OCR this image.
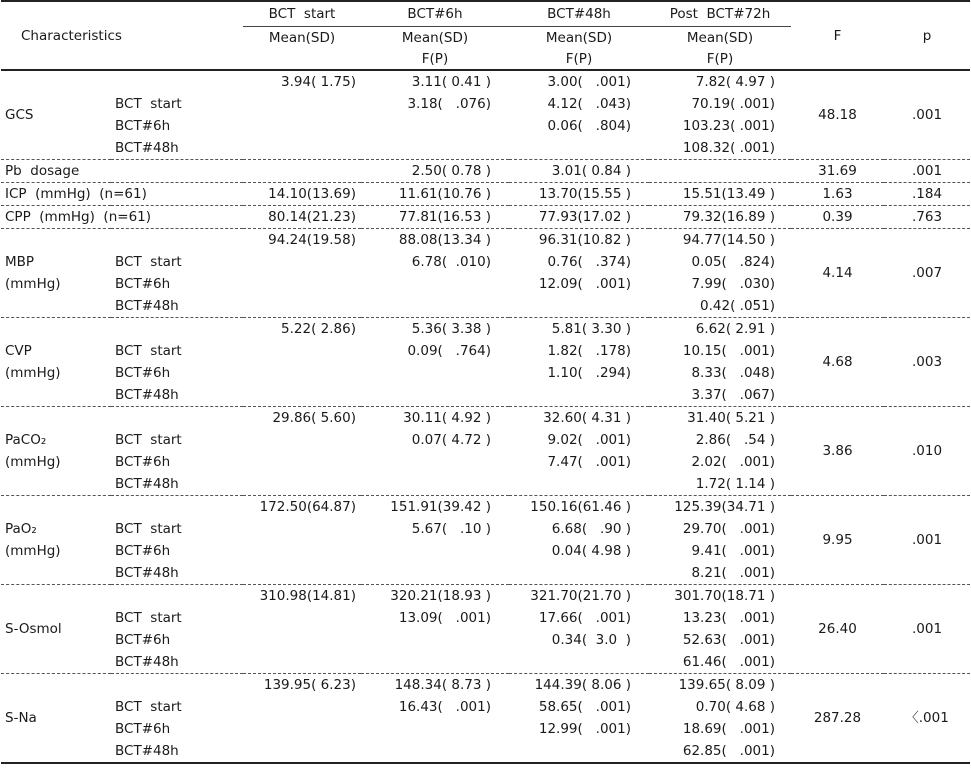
Characteristics		BCT  start	BCT#6h	BCT#48h	Post  BCT#72h	F	p
		Mean(SD)	Mean(SD)	Mean(SD)	Mean(SD)		
			F(P)	F(P)	F(P)		

GCS		3.94( 1.75)	3.11( 0.41 )	3.00(   .001)	7.82( 4.97 )	48.18	.001
	BCT  start		3.18(   .076)	4.12(   .043)	70.19( .001)		
	BCT#6h			0.06(   .804)	103.23( .001)		
	BCT#48h				108.32( .001)		
Pb  dosage			2.50( 0.78 )	3.01( 0.84 )		31.69	.001
ICP  (mmHg)  (n=61)		14.10(13.69)	11.61(10.76 )	13.70(15.55 )	15.51(13.49 )	1.63	.184
CPP  (mmHg)  (n=61)		80.14(21.23)	77.81(16.53 )	77.93(17.02 )	79.32(16.89 )	0.39	.763

MBP
(mmHg)		94.24(19.58)	88.08(13.34 )	96.31(10.82 )	94.77(14.50 )	4.14	.007
	BCT  start		6.78(  .010)	0.76(   .374)	0.05(   .824)		
	BCT#6h			12.09(   .001)	7.99(   .030)		
	BCT#48h				0.42( .051)		

CVP
(mmHg)		5.22( 2.86)	5.36( 3.38 )	5.81( 3.30 )	6.62( 2.91 )	4.68	.003
	BCT  start		0.09(   .764)	1.82(   .178)	10.15(   .001)		
	BCT#6h			1.10(   .294)	8.33(   .048)		
	BCT#48h				3.37(   .067)		

PaCO₂
(mmHg)		29.86( 5.60)	30.11( 4.92 )	32.60( 4.31 )	31.40( 5.21 )	3.86	.010
	BCT  start		0.07( 4.72 )	9.02(   .001)	2.86(   .54 )		
	BCT#6h			7.47(   .001)	2.02(   .001)		
	BCT#48h				1.72( 1.14 )		

PaO₂
(mmHg)		172.50(64.87)	151.91(39.42 )	150.16(61.46 )	125.39(34.71 )	9.95	.001
	BCT  start		5.67(   .10 )	6.68(   .90 )	29.70(   .001)		
	BCT#6h			0.04( 4.98 )	9.41(   .001)		
	BCT#48h				8.21(   .001)		

S-Osmol		310.98(14.81)	320.21(18.93 )	321.70(21.70 )	301.70(18.71 )	26.40	.001
	BCT  start		13.09(   .001)	17.66(   .001)	13.23(   .001)		
	BCT#6h			0.34(  3.0  )	52.63(   .001)		
	BCT#48h				61.46(   .001)		

S-Na		139.95( 6.23)	148.34( 8.73 )	144.39( 8.06 )	139.65( 8.09 )	287.28	〈.001
	BCT  start		16.43(   .001)	58.65(   .001)	0.70( 4.68 )		
	BCT#6h			12.99(   .001)	18.69(   .001)		
	BCT#48h				62.85(   .001)		
